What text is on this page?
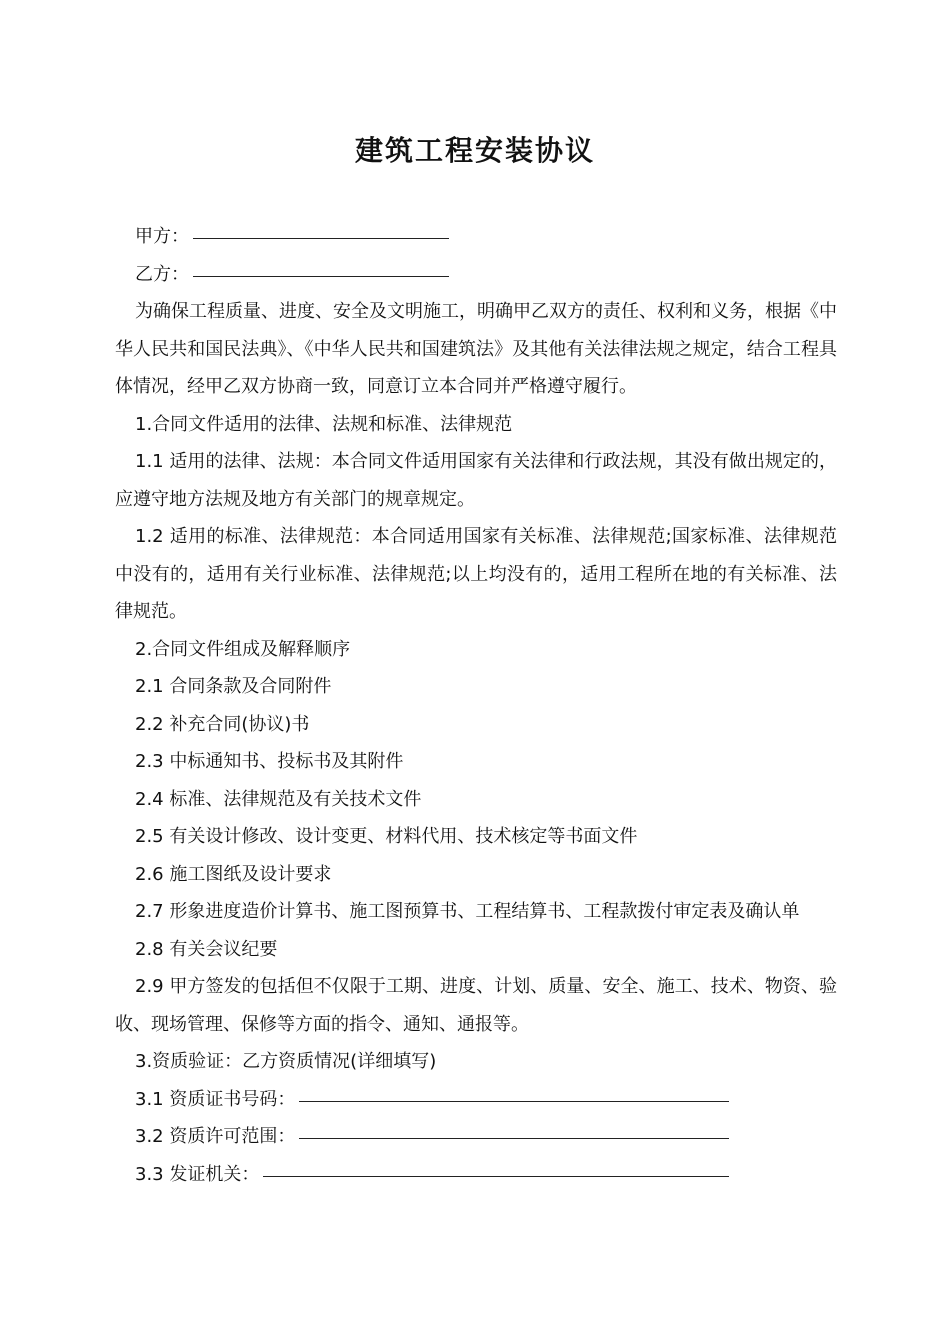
建筑工程安装协议

甲方：

乙方：

为确保工程质量、进度、安全及文明施工，明确甲乙双方的责任、权利和义务，根据《中华人民共和国民法典》、《中华人民共和国建筑法》及其他有关法律法规之规定，结合工程具体情况，经甲乙双方协商一致，同意订立本合同并严格遵守履行。

1.合同文件适用的法律、法规和标准、法律规范

1.1 适用的法律、法规：本合同文件适用国家有关法律和行政法规，其没有做出规定的，应遵守地方法规及地方有关部门的规章规定。

1.2 适用的标准、法律规范：本合同适用国家有关标准、法律规范;国家标准、法律规范中没有的，适用有关行业标准、法律规范;以上均没有的，适用工程所在地的有关标准、法律规范。

2.合同文件组成及解释顺序

2.1 合同条款及合同附件

2.2 补充合同(协议)书

2.3 中标通知书、投标书及其附件

2.4 标准、法律规范及有关技术文件

2.5 有关设计修改、设计变更、材料代用、技术核定等书面文件

2.6 施工图纸及设计要求

2.7 形象进度造价计算书、施工图预算书、工程结算书、工程款拨付审定表及确认单

2.8 有关会议纪要

2.9 甲方签发的包括但不仅限于工期、进度、计划、质量、安全、施工、技术、物资、验收、现场管理、保修等方面的指令、通知、通报等。

3.资质验证：乙方资质情况(详细填写)

3.1 资质证书号码：

3.2 资质许可范围：

3.3 发证机关：
